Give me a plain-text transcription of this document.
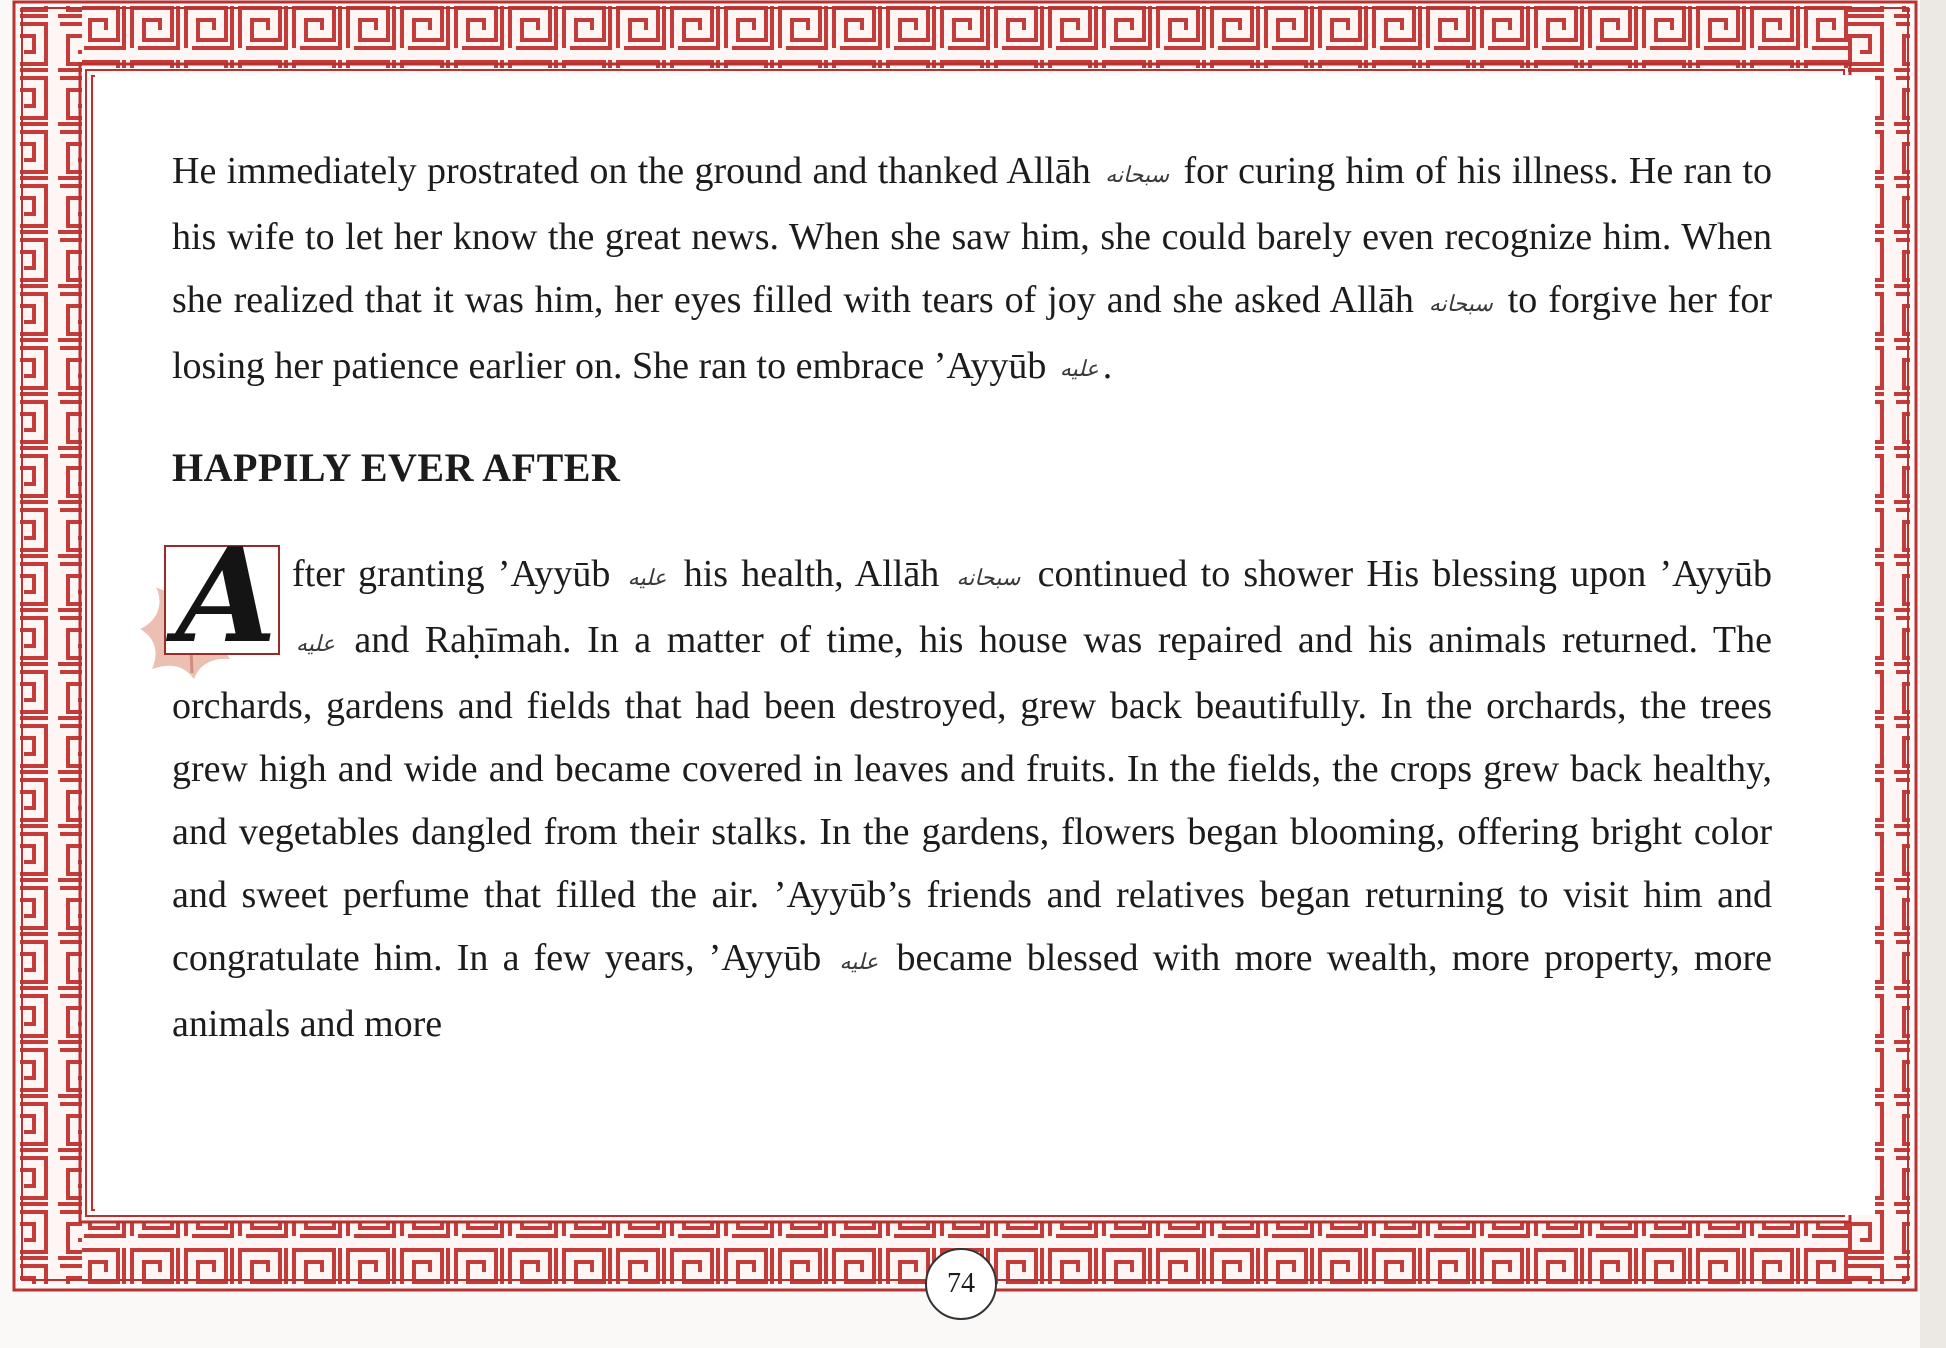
He immediately prostrated on the ground and thanked Allāh سبحانه for curing him of his illness. He ran to his wife to let her know the great news. When she saw him, she could barely even recognize him. When she realized that it was him, her eyes filled with tears of joy and she asked Allāh سبحانه to forgive her for losing her patience earlier on. She ran to embrace ’Ayyūb عليه .

HAPPILY EVER AFTER
A fter granting ’Ayyūb عليه his health, Allāh سبحانه continued to shower His blessing upon ’Ayyūb عليه and Raḥīmah. In a matter of time, his house was repaired and his animals returned. The orchards, gardens and fields that had been destroyed, grew back beautifully. In the orchards, the trees grew high and wide and became covered in leaves and fruits. In the fields, the crops grew back healthy, and vegetables dangled from their stalks. In the gardens, flowers began blooming, offering bright color and sweet perfume that filled the air. ’Ayyūb’s friends and relatives began returning to visit him and congratulate him. In a few years, ’Ayyūb عليه became blessed with more wealth, more property, more animals and more

74
